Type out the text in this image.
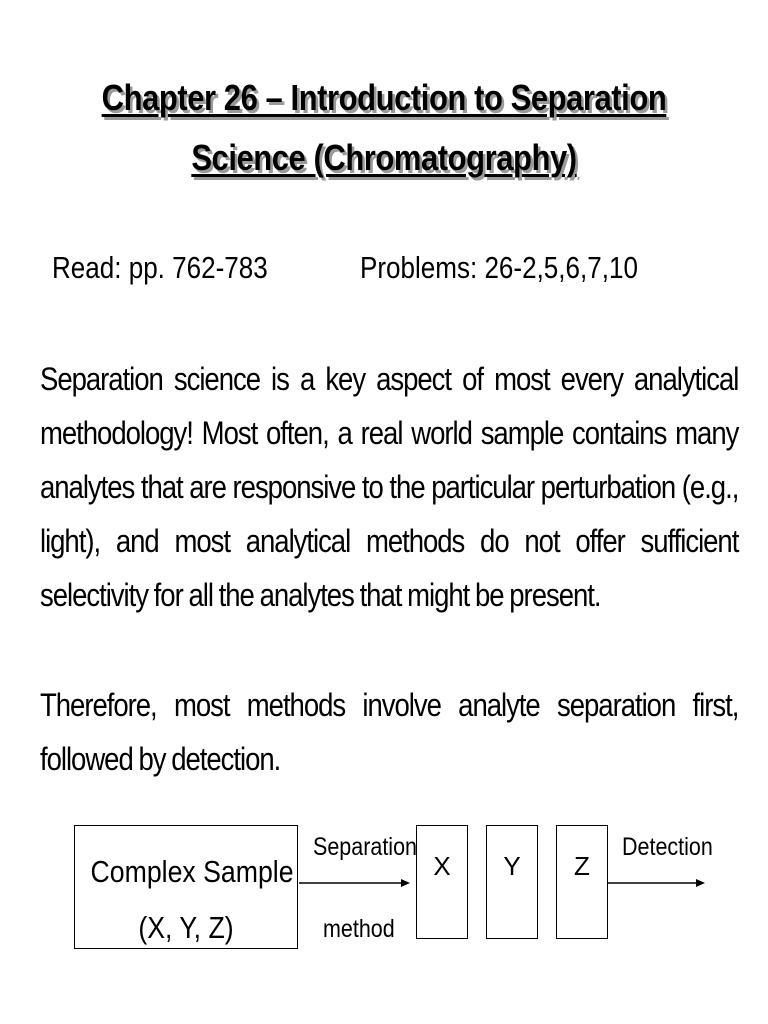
Chapter 26 – Introduction to Separation
Science (Chromatography)
Read: pp. 762-783	Problems: 26-2,5,6,7,10
Separation science is a key aspect of most every analytical methodology! Most often, a real world sample contains many analytes that are responsive to the particular perturbation (e.g., light), and most analytical methods do not offer sufficient selectivity for all the analytes that might be present.
Therefore, most methods involve analyte separation first, followed by detection.
Complex Sample
(X, Y, Z)
Separation
method
X	Y	Z
Detection
